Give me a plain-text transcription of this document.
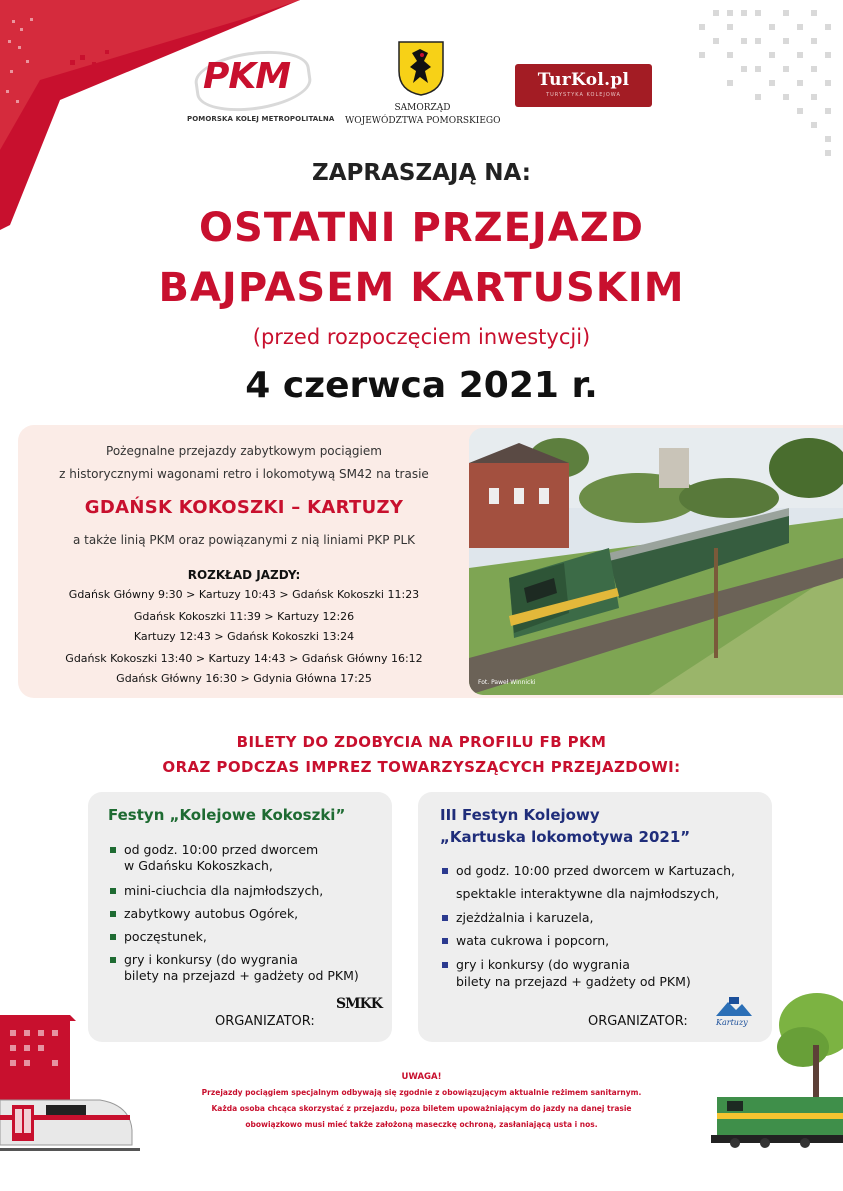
PKM
POMORSKA KOLEJ METROPOLITALNA
SAMORZĄD
WOJEWÓDZTWA POMORSKIEGO
TurKol.pl
TURYSTYKA KOLEJOWA
ZAPRASZAJĄ NA:
OSTATNI PRZEJAZD
BAJPASEM KARTUSKIM
(przed rozpoczęciem inwestycji)
4 czerwca 2021 r.
Pożegnalne przejazdy zabytkowym pociągiem
z historycznymi wagonami retro i lokomotywą SM42 na trasie
GDAŃSK KOKOSZKI – KARTUZY
a także linią PKM oraz powiązanymi z nią liniami PKP PLK
ROZKŁAD JAZDY:
Gdańsk Główny 9:30 > Kartuzy 10:43 > Gdańsk Kokoszki 11:23
Gdańsk Kokoszki 11:39 > Kartuzy 12:26
Kartuzy 12:43 > Gdańsk Kokoszki 13:24
Gdańsk Kokoszki 13:40 > Kartuzy 14:43 > Gdańsk Główny 16:12
Gdańsk Główny 16:30 > Gdynia Główna 17:25	Fot. Paweł Winnicki
BILETY DO ZDOBYCIA NA PROFILU FB PKM
ORAZ PODCZAS IMPREZ TOWARZYSZĄCYCH PRZEJAZDOWI:
Festyn „Kolejowe Kokoszki”
od godz. 10:00 przed dworcem
w Gdańsku Kokoszkach,
mini-ciuchcia dla najmłodszych,
zabytkowy autobus Ogórek,
poczęstunek,
gry i konkursy (do wygrania
bilety na przejazd + gadżety od PKM)
ORGANIZATOR:
SMKK
III Festyn Kolejowy
„Kartuska lokomotywa 2021”
od godz. 10:00 przed dworcem w Kartuzach,
spektakle interaktywne dla najmłodszych,
zjeżdżalnia i karuzela,
wata cukrowa i popcorn,
gry i konkursy (do wygrania
bilety na przejazd + gadżety od PKM)
ORGANIZATOR:	Kartuzy
UWAGA!
Przejazdy pociągiem specjalnym odbywają się zgodnie z obowiązującym aktualnie reżimem sanitarnym.
Każda osoba chcąca skorzystać z przejazdu, poza biletem upoważniającym do jazdy na danej trasie
obowiązkowo musi mieć także założoną maseczkę ochroną, zasłaniającą usta i nos.
